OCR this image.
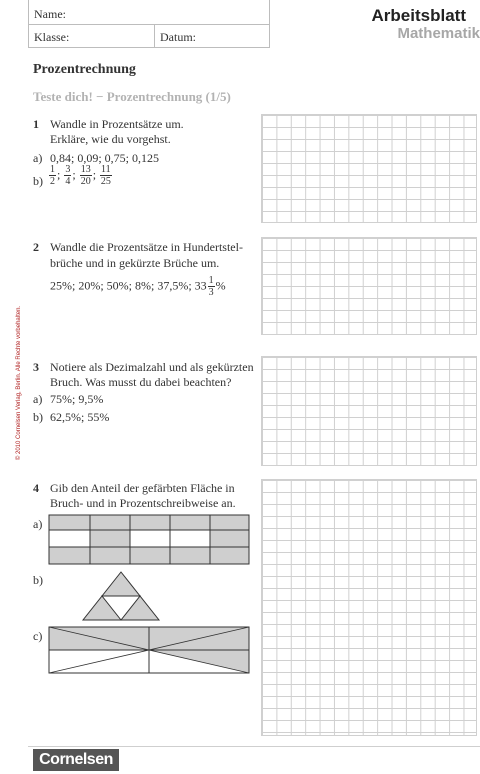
Name:
Klasse:	Datum:
Arbeitsblatt
Mathematik
© 2010 Cornelsen Verlag, Berlin. Alle Rechte vorbehalten.
Prozentrechnung
Teste dich! − Prozentrechnung (1/5)
1 Wandle in Prozentsätze um.
Erkläre, wie du vorgehst.
a) 0,84; 0,09; 0,75; 0,125
$b) \frac{1}{2}$ ; $\frac{3}{4}$ ; $\frac{13}{20}$ ; $\frac{11}{25}$
2 Wandle die Prozentsätze in Hundertstel-
brüche und in gekürzte Brüche um.
25%; 20%; 50%; 8%; 37,5%; $33 \frac{1}{3}$ %
3 Notiere als Dezimalzahl und als gekürzten
Bruch. Was musst du dabei beachten?
a) 75%; 9,5%
b) 62,5%; 55%
4 Gib den Anteil der gefärbten Fläche in
Bruch- und in Prozentschreibweise an.
a)
b)
c)
Cornelsen
